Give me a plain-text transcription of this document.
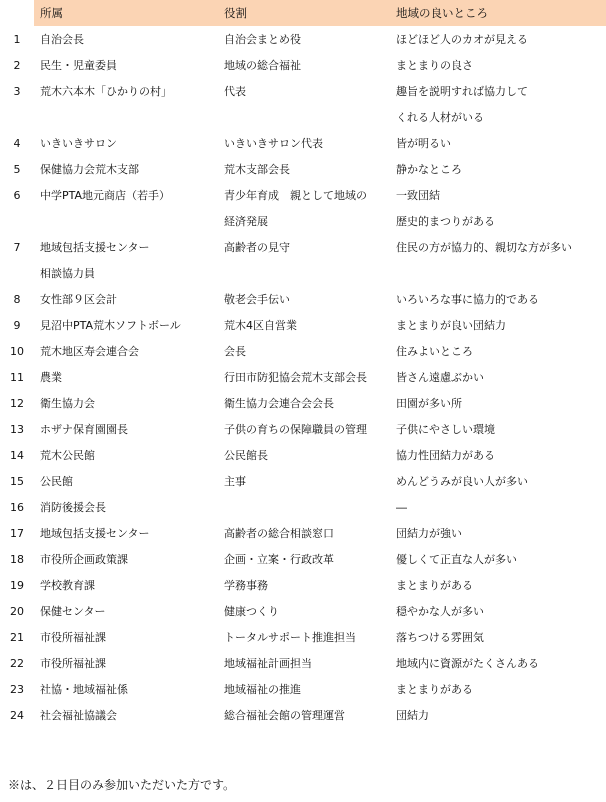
	所属	役割	地域の良いところ
1	自治会長	自治会まとめ役	ほどほど人のカオが見える
2	民生・児童委員	地域の総合福祉	まとまりの良さ
3	荒木六本木「ひかりの村」	代表	趣旨を説明すれば協力して
			くれる人材がいる
4	いきいきサロン	いきいきサロン代表	皆が明るい
5	保健協力会荒木支部	荒木支部会長	静かなところ
6	中学PTA地元商店（若手）	青少年育成　親として地域の	一致団結
		経済発展	歴史的まつりがある
7	地域包括支援センター	高齢者の見守	住民の方が協力的、親切な方が多い
	相談協力員		
8	女性部９区会計	敬老会手伝い	いろいろな事に協力的である
9	見沼中PTA荒木ソフトボール	荒木4区自営業	まとまりが良い団結力
10	荒木地区寿会連合会	会長	住みよいところ
11	農業	行田市防犯協会荒木支部会長	皆さん遠慮ぶかい
12	衛生協力会	衛生協力会連合会会長	田園が多い所
13	ホザナ保育園園長	子供の育ちの保障職員の管理	子供にやさしい環境
14	荒木公民館	公民館長	協力性団結力がある
15	公民館	主事	めんどうみが良い人が多い
16	消防後援会長		―
17	地域包括支援センター	高齢者の総合相談窓口	団結力が強い
18	市役所企画政策課	企画・立案・行政改革	優しくて正直な人が多い
19	学校教育課	学務事務	まとまりがある
20	保健センター	健康つくり	穏やかな人が多い
21	市役所福祉課	トータルサポート推進担当	落ちつける雰囲気
22	市役所福祉課	地域福祉計画担当	地域内に資源がたくさんある
23	社協・地域福祉係	地域福祉の推進	まとまりがある
24	社会福祉協議会	総合福祉会館の管理運営	団結力
※は、２日目のみ参加いただいた方です。
